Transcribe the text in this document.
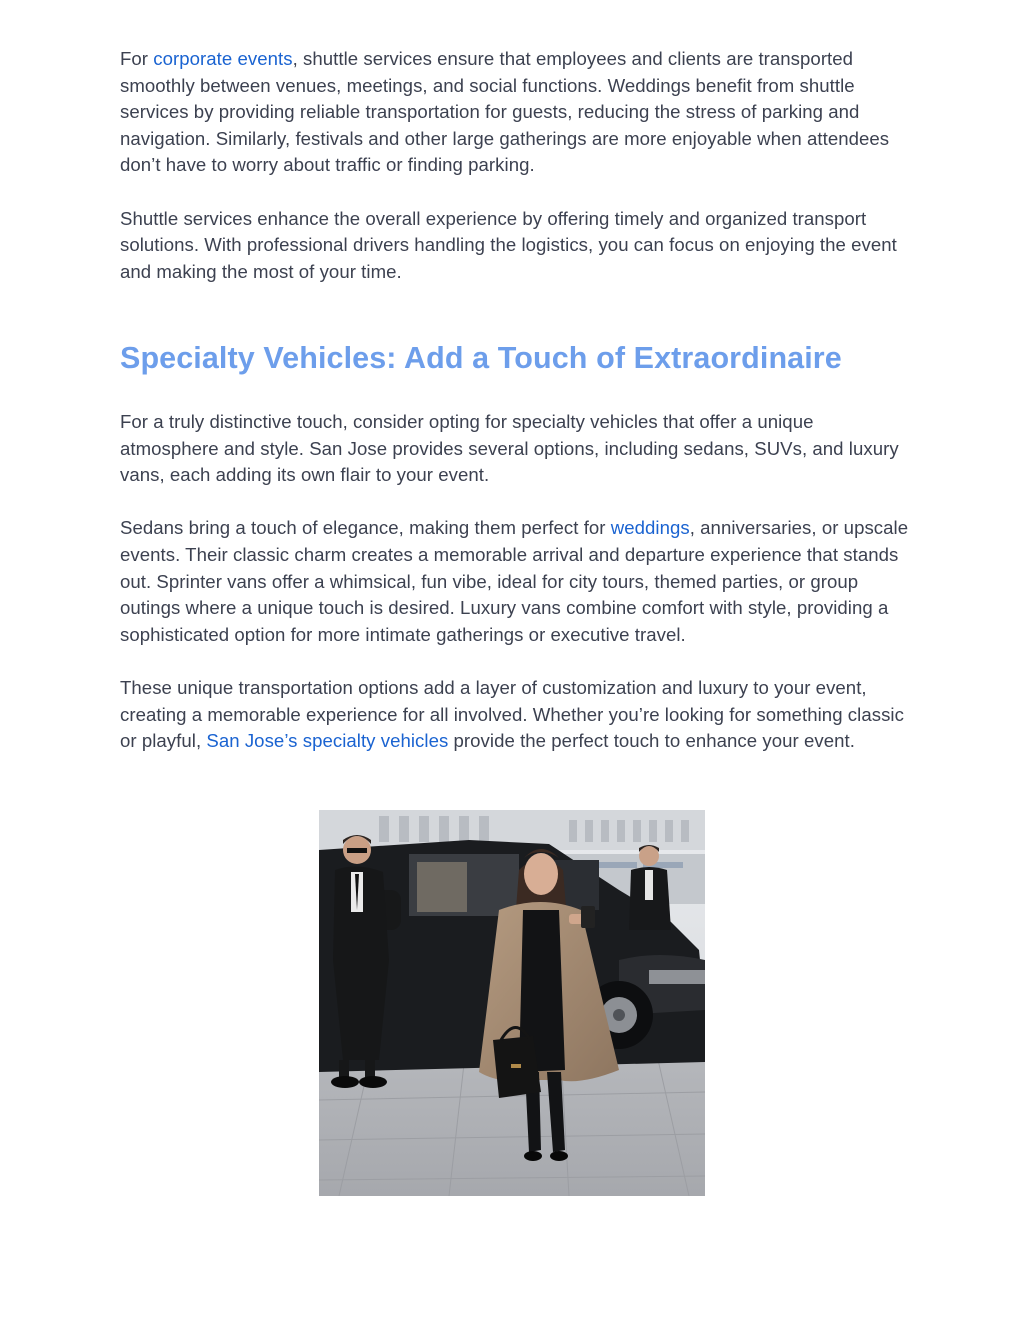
For corporate events, shuttle services ensure that employees and clients are transported smoothly between venues, meetings, and social functions. Weddings benefit from shuttle services by providing reliable transportation for guests, reducing the stress of parking and navigation. Similarly, festivals and other large gatherings are more enjoyable when attendees don’t have to worry about traffic or finding parking.

Shuttle services enhance the overall experience by offering timely and organized transport solutions. With professional drivers handling the logistics, you can focus on enjoying the event and making the most of your time.

Specialty Vehicles: Add a Touch of Extraordinaire

For a truly distinctive touch, consider opting for specialty vehicles that offer a unique atmosphere and style. San Jose provides several options, including sedans, SUVs, and luxury vans, each adding its own flair to your event.

Sedans bring a touch of elegance, making them perfect for weddings, anniversaries, or upscale events. Their classic charm creates a memorable arrival and departure experience that stands out. Sprinter vans offer a whimsical, fun vibe, ideal for city tours, themed parties, or group outings where a unique touch is desired. Luxury vans combine comfort with style, providing a sophisticated option for more intimate gatherings or executive travel.

These unique transportation options add a layer of customization and luxury to your event, creating a memorable experience for all involved. Whether you’re looking for something classic or playful, San Jose’s specialty vehicles provide the perfect touch to enhance your event.
